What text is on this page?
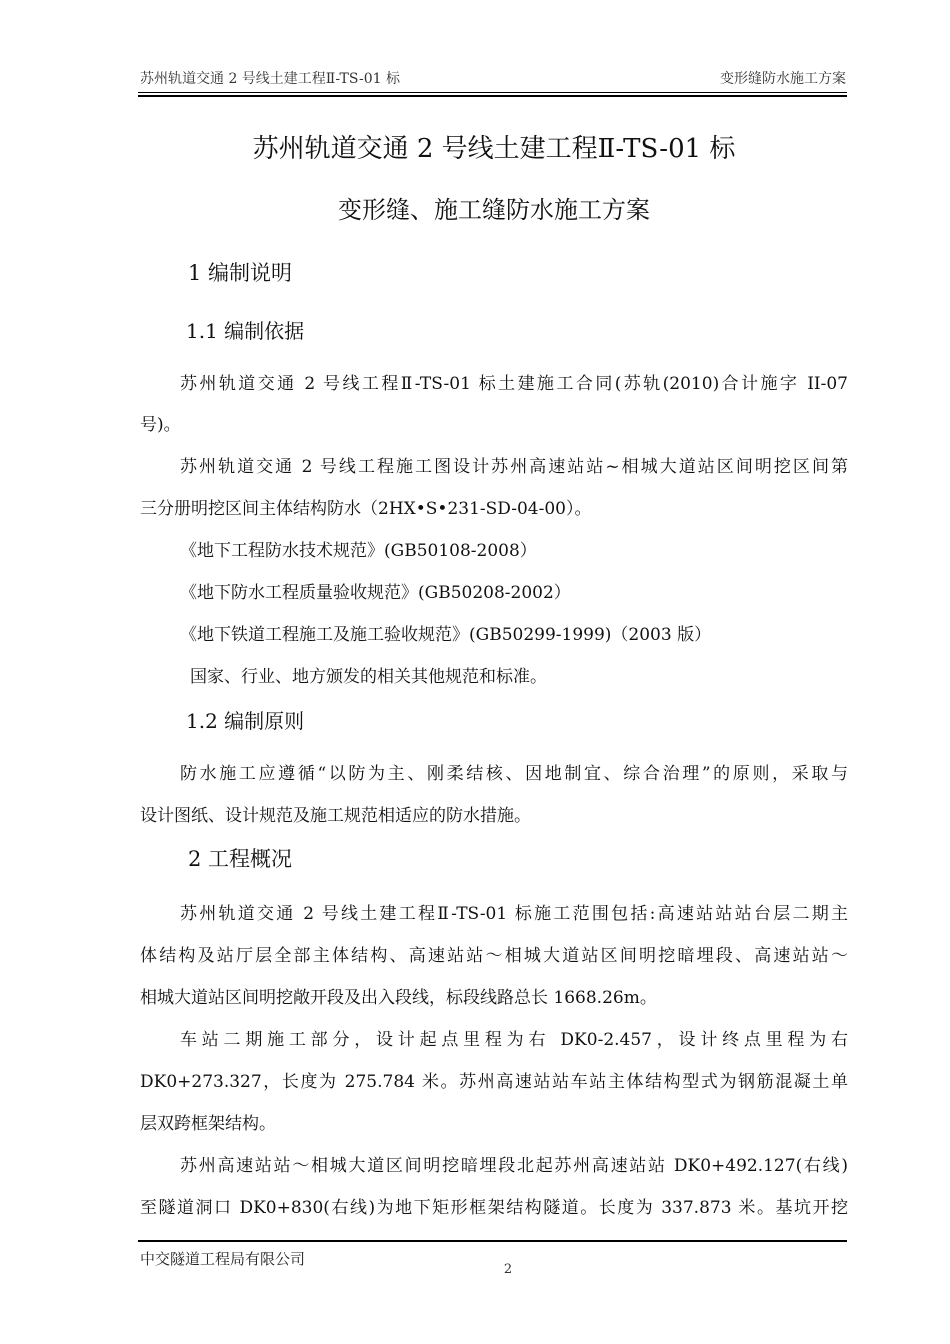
苏州轨道交通 2 号线土建工程Ⅱ-TS-01 标	变形缝防水施工方案
苏州轨道交通 2 号线土建工程Ⅱ-TS-01 标
变形缝、施工缝防水施工方案
1 编制说明
1.1 编制依据
苏州轨道交通 2 号线工程Ⅱ-TS-01 标土建施工合同(苏轨(2010)合计施字 II-07
号)。
苏州轨道交通 2 号线工程施工图设计苏州高速站站~相城大道站区间明挖区间第
三分册明挖区间主体结构防水（2HX•S•231-SD-04-00）。
《地下工程防水技术规范》(GB50108-2008）
《地下防水工程质量验收规范》(GB50208-2002）
《地下铁道工程施工及施工验收规范》(GB50299-1999)（2003 版）
国家、行业、地方颁发的相关其他规范和标准。
1.2 编制原则
防水施工应遵循“以防为主、刚柔结核、因地制宜、综合治理”的原则，采取与
设计图纸、设计规范及施工规范相适应的防水措施。
2 工程概况
苏州轨道交通 2 号线土建工程Ⅱ-TS-01 标施工范围包括:高速站站站台层二期主
体结构及站厅层全部主体结构、高速站站～相城大道站区间明挖暗埋段、高速站站～
相城大道站区间明挖敞开段及出入段线，标段线路总长 1668.26m。
车站二期施工部分，设计起点里程为右 DK0-2.457，设计终点里程为右
DK0+273.327，长度为 275.784 米。苏州高速站站车站主体结构型式为钢筋混凝土单
层双跨框架结构。
苏州高速站站～相城大道区间明挖暗埋段北起苏州高速站站 DK0+492.127(右线)
至隧道洞口 DK0+830(右线)为地下矩形框架结构隧道。长度为 337.873 米。基坑开挖
中交隧道工程局有限公司
2
